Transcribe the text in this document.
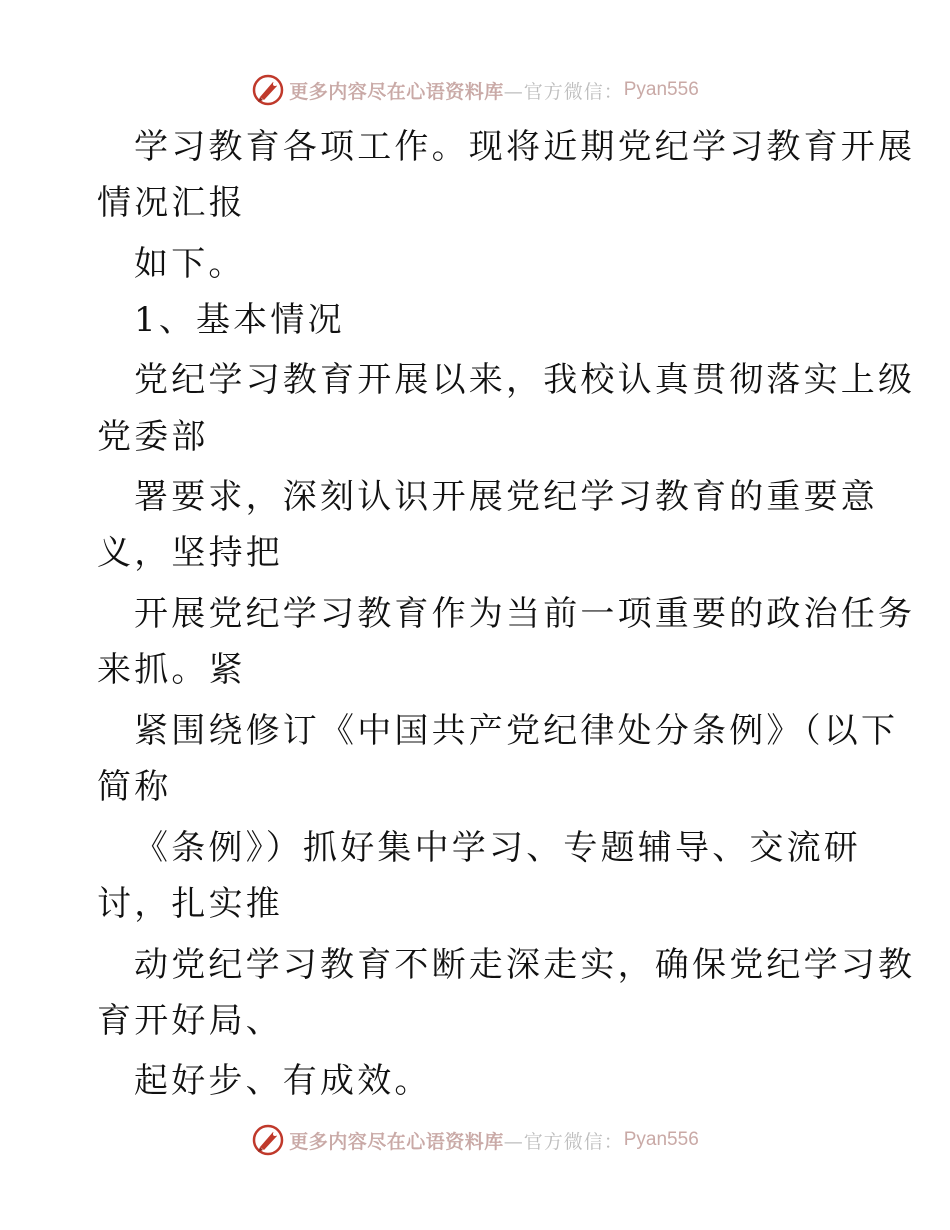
更多内容尽在心语资料库 —官方微信： Pyan556
学习教育各项工作。现将近期党纪学习教育开展
情况汇报
如下。
1、基本情况
党纪学习教育开展以来，我校认真贯彻落实上级
党委部
署要求，深刻认识开展党纪学习教育的重要意
义，坚持把
开展党纪学习教育作为当前一项重要的政治任务
来抓。紧
紧围绕修订《中国共产党纪律处分条例》（以下
简称
《条例》）抓好集中学习、专题辅导、交流研
讨，扎实推
动党纪学习教育不断走深走实，确保党纪学习教
育开好局、
起好步、有成效。
更多内容尽在心语资料库 —官方微信： Pyan556
